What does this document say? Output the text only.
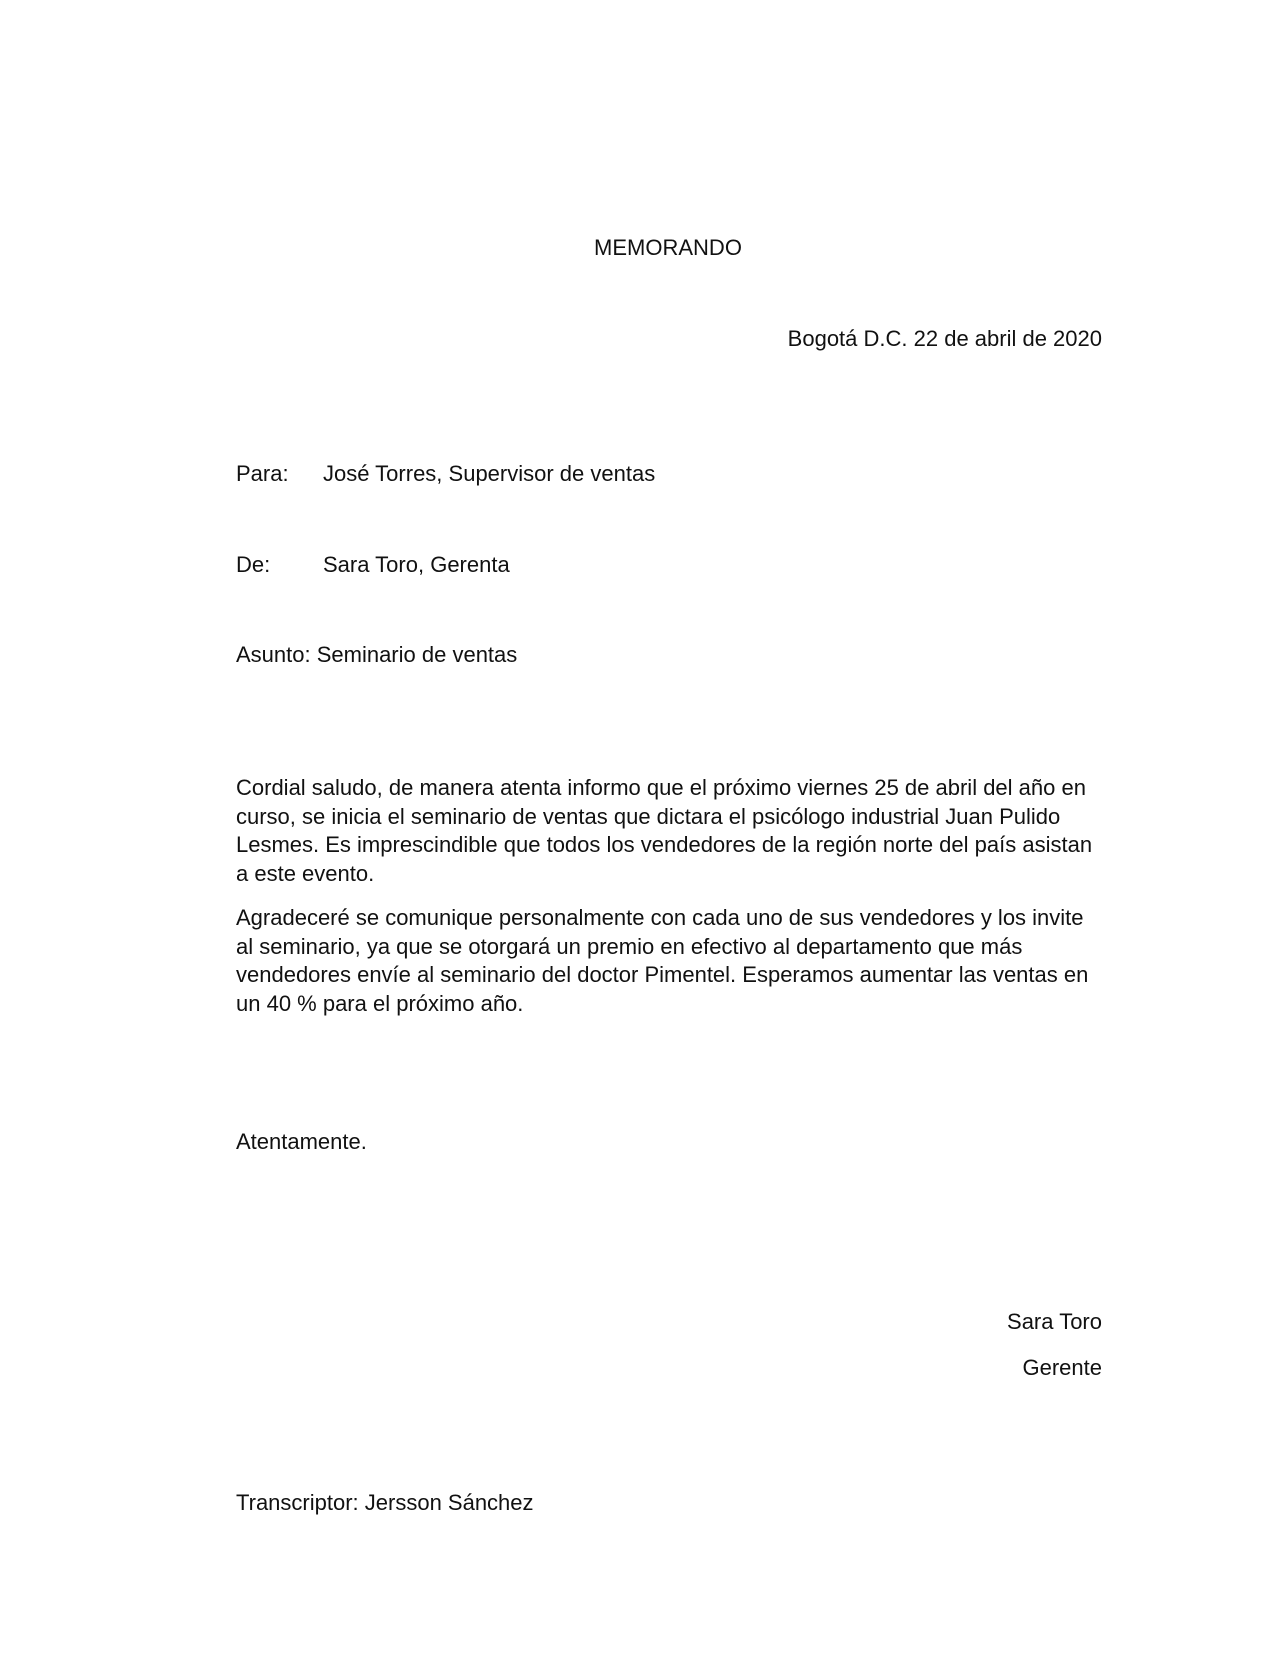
MEMORANDO
Bogotá D.C. 22 de abril de 2020
Para: José Torres, Supervisor de ventas
De: Sara Toro, Gerenta
Asunto: Seminario de ventas

Cordial saludo, de manera atenta informo que el próximo viernes 25 de abril del año en curso, se inicia el seminario de ventas que dictara el psicólogo industrial Juan Pulido Lesmes. Es imprescindible que todos los vendedores de la región norte del país asistan a este evento.

Agradeceré se comunique personalmente con cada uno de sus vendedores y los invite al seminario, ya que se otorgará un premio en efectivo al departamento que más vendedores envíe al seminario del doctor Pimentel. Esperamos aumentar las ventas en un 40 % para el próximo año.

Atentamente.
Sara Toro
Gerente
Transcriptor: Jersson Sánchez
